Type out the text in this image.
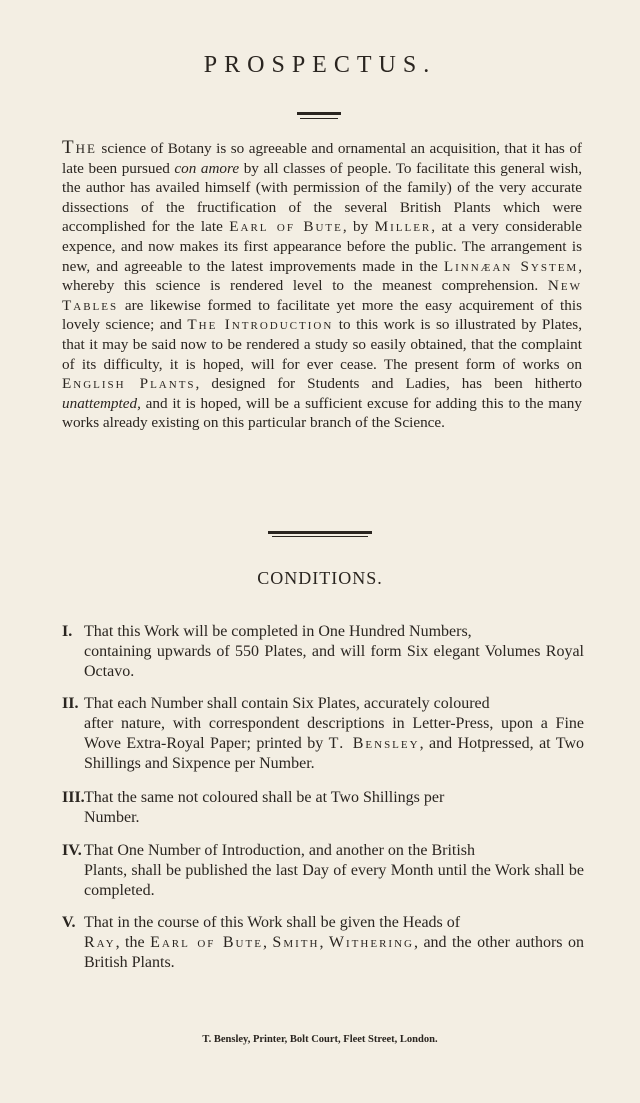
PROSPECTUS.

The science of Botany is so agreeable and ornamental an acquisition, that it has of late been pursued con amore by all classes of people. To facilitate this general wish, the author has availed himself (with permission of the family) of the very accurate dissections of the fructification of the several British Plants which were accomplished for the late Earl of Bute, by Miller, at a very considerable expence, and now makes its first appearance before the public. The arrangement is new, and agreeable to the latest improvements made in the Linnæan System, whereby this science is rendered level to the meanest comprehension. New Tables are likewise formed to facilitate yet more the easy acquirement of this lovely science; and The Introduction to this work is so illustrated by Plates, that it may be said now to be rendered a study so easily obtained, that the complaint of its difficulty, it is hoped, will for ever cease. The present form of works on English Plants, designed for Students and Ladies, has been hitherto unattempted, and it is hoped, will be a sufficient excuse for adding this to the many works already existing on this particular branch of the Science.

CONDITIONS.

I. That this Work will be completed in One Hundred Numbers,
containing upwards of 550 Plates, and will form Six elegant Volumes Royal Octavo.

II. That each Number shall contain Six Plates, accurately coloured
after nature, with correspondent descriptions in Letter-Press, upon a Fine Wove Extra-Royal Paper; printed by T. Bensley, and Hotpressed, at Two Shillings and Sixpence per Number.

III.That the same not coloured shall be at Two Shillings per
Number.

IV. That One Number of Introduction, and another on the British
Plants, shall be published the last Day of every Month until the Work shall be completed.

V. That in the course of this Work shall be given the Heads of
Ray, the Earl of Bute, Smith, Withering, and the other authors on British Plants.

T. Bensley, Printer, Bolt Court, Fleet Street, London.
